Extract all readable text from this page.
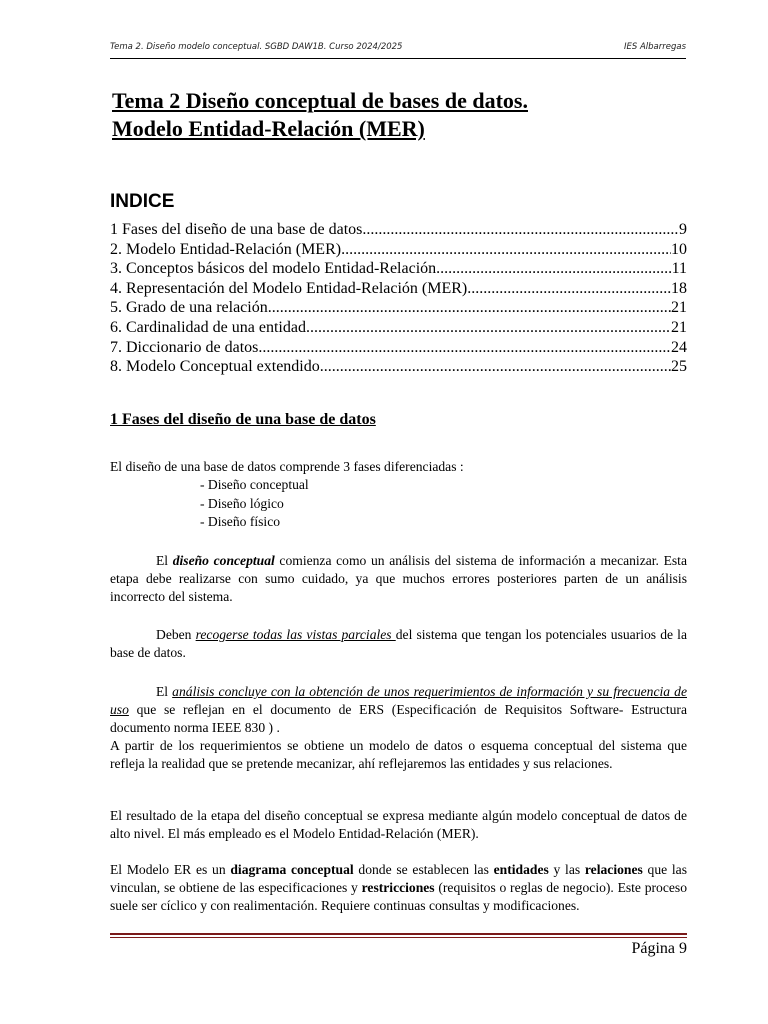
Tema 2. Diseño modelo conceptual. SGBD DAW1B. Curso 2024/2025	IES Albarregas
Tema 2 Diseño conceptual de bases de datos.
Modelo Entidad-Relación (MER)
INDICE
1 Fases del diseño de una base de datos .....	9
2. Modelo Entidad-Relación (MER) .....	10
3. Conceptos básicos del modelo Entidad-Relación .....	11
4. Representación del Modelo Entidad-Relación (MER) .....	18
5. Grado de una relación .....	21
6. Cardinalidad de una entidad .....	21
7. Diccionario de datos .....	24
8. Modelo Conceptual extendido .....	25
1 Fases del diseño de una base de datos
El diseño de una base de datos comprende 3 fases diferenciadas :
- Diseño conceptual
- Diseño lógico
- Diseño físico
El diseño conceptual comienza como un análisis del sistema de información a mecanizar. Esta etapa debe realizarse con sumo cuidado, ya que muchos errores posteriores parten de un análisis incorrecto del sistema.
Deben recogerse todas las vistas parciales del sistema que tengan los potenciales usuarios de la base de datos.
El análisis concluye con la obtención de unos requerimientos de información y su frecuencia de uso que se reflejan en el documento de ERS (Especificación de Requisitos Software- Estructura documento norma IEEE 830 ) .
A partir de los requerimientos se obtiene un modelo de datos o esquema conceptual del sistema que refleja la realidad que se pretende mecanizar, ahí reflejaremos las entidades y sus relaciones.
El resultado de la etapa del diseño conceptual se expresa mediante algún modelo conceptual de datos de alto nivel. El más empleado es el Modelo Entidad-Relación (MER).
El Modelo ER es un diagrama conceptual donde se establecen las entidades y las relaciones que las vinculan, se obtiene de las especificaciones y restricciones (requisitos o reglas de negocio). Este proceso suele ser cíclico y con realimentación. Requiere continuas consultas y modificaciones.
Página 9
